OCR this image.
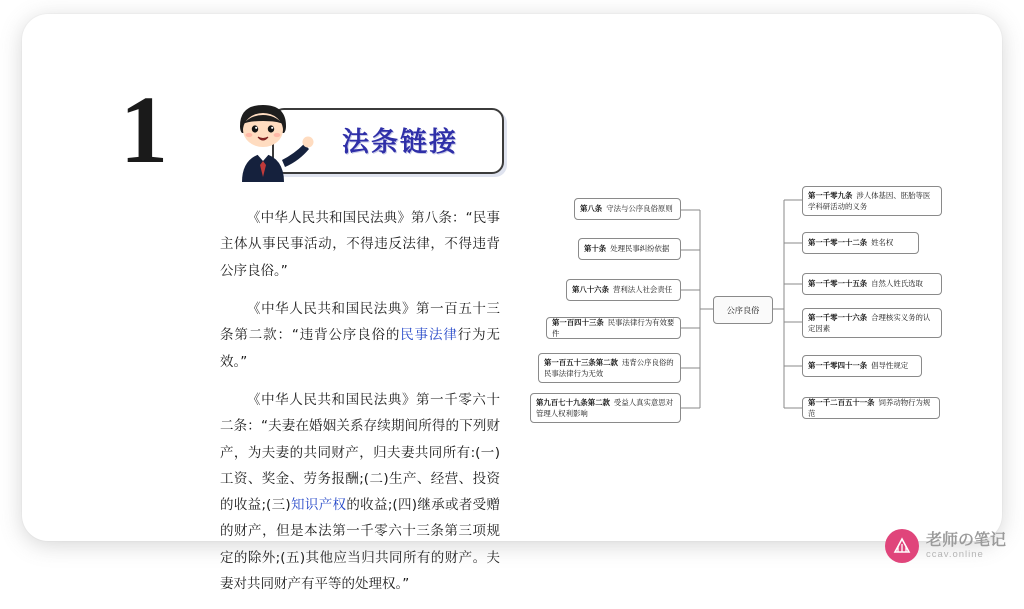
1	法条链接

《中华人民共和国民法典》第八条：“民事主体从事民事活动，不得违反法律，不得违背公序良俗。”

《中华人民共和国民法典》第一百五十三条第二款：“违背公序良俗的民事法律行为无效。”

《中华人民共和国民法典》第一千零六十二条：“夫妻在婚姻关系存续期间所得的下列财产，为夫妻的共同财产，归夫妻共同所有:(一)工资、奖金、劳务报酬;(二)生产、经营、投资的收益;(三)知识产权的收益;(四)继承或者受赠的财产，但是本法第一千零六十三条第三项规定的除外;(五)其他应当归共同所有的财产。夫妻对共同财产有平等的处理权。”

公序良俗
第八条 守法与公序良俗原则
第十条 处理民事纠纷依据
第八十六条 营利法人社会责任
第一百四十三条 民事法律行为有效要件
第一百五十三条第二款 违背公序良俗的民事法律行为无效
第九百七十九条第二款 受益人真实意思对管理人权利影响
第一千零九条 涉人体基因、胚胎等医学科研活动的义务
第一千零一十二条 姓名权
第一千零一十五条 自然人姓氏选取
第一千零一十六条 合理核实义务的认定因素
第一千零四十一条 倡导性规定
第一千二百五十一条 饲养动物行为规范
老师の笔记
ccav.online
